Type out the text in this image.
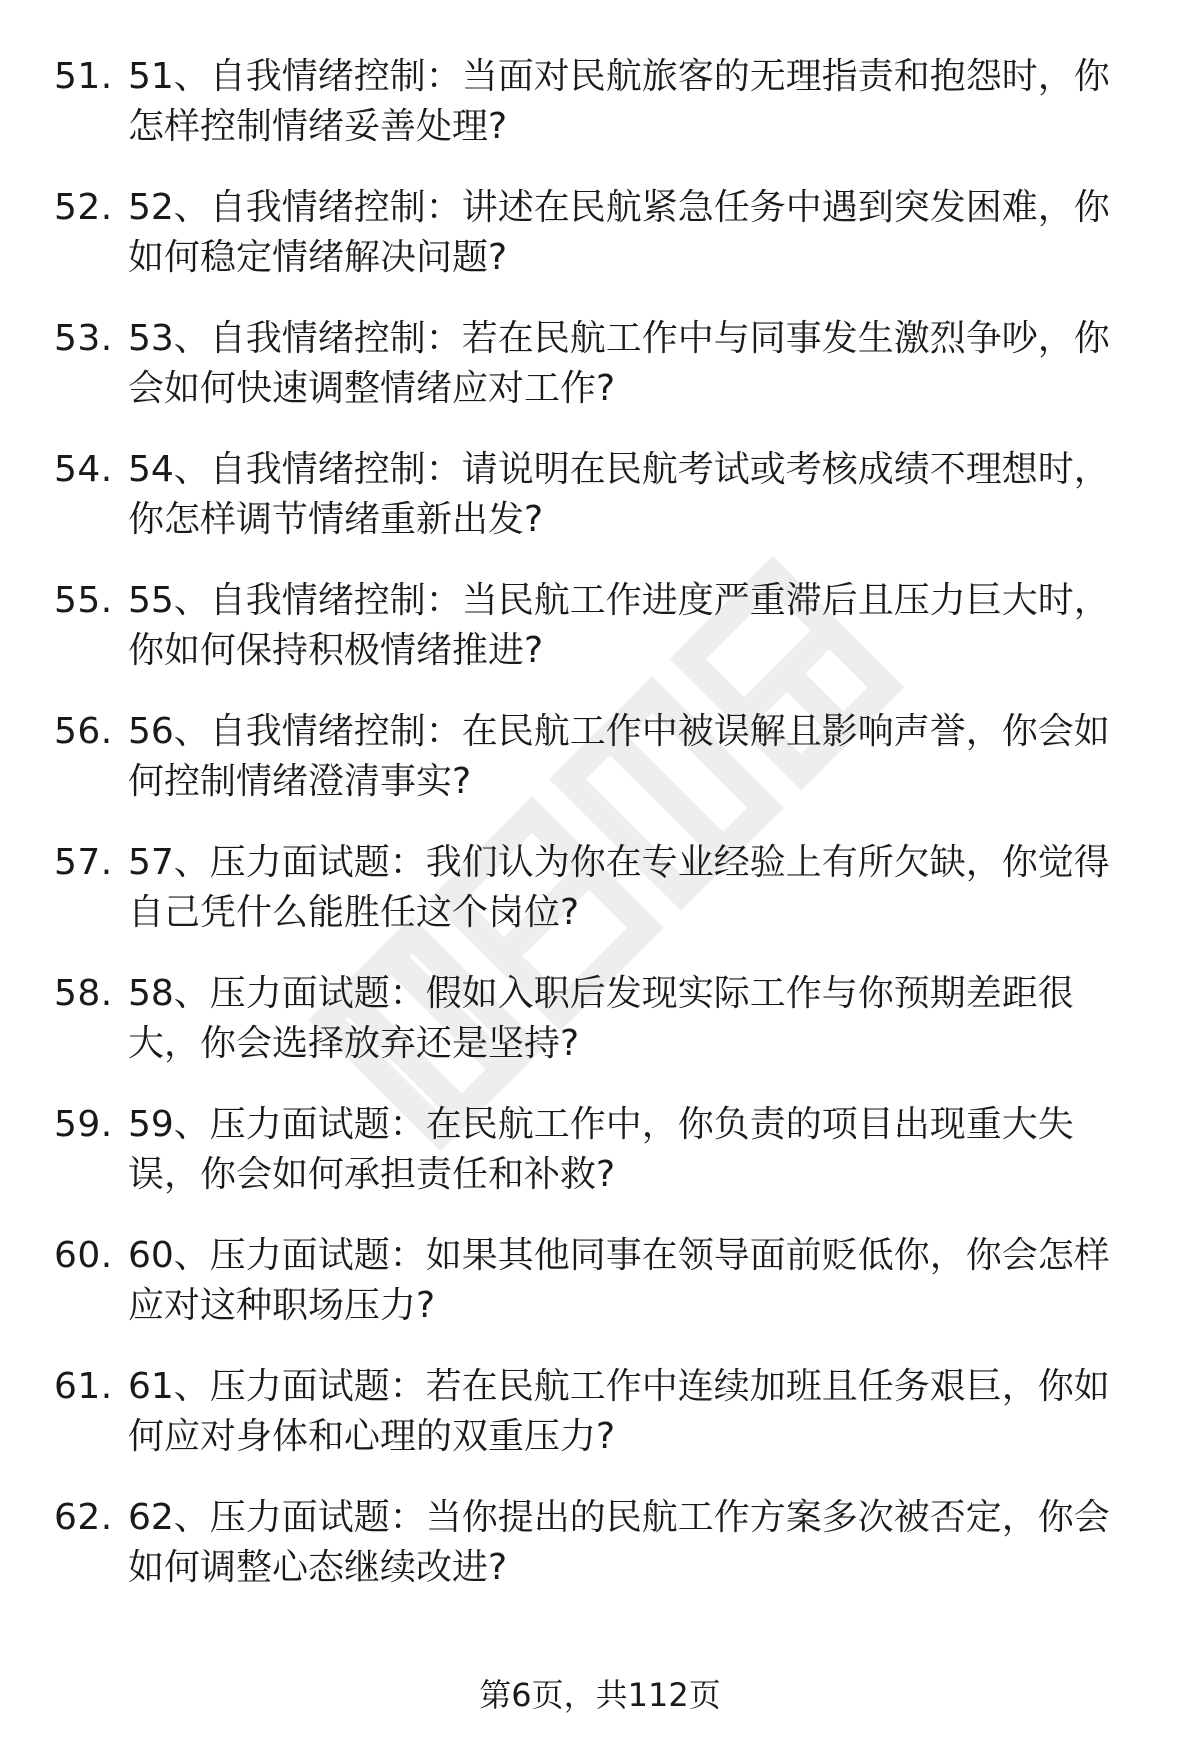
51. 51、自我情绪控制：当面对民航旅客的无理指责和抱怨时，你怎样控制情绪妥善处理?
52. 52、自我情绪控制：讲述在民航紧急任务中遇到突发困难，你如何稳定情绪解决问题?
53. 53、自我情绪控制：若在民航工作中与同事发生激烈争吵，你会如何快速调整情绪应对工作?
54. 54、自我情绪控制：请说明在民航考试或考核成绩不理想时，你怎样调节情绪重新出发?
55. 55、自我情绪控制：当民航工作进度严重滞后且压力巨大时，你如何保持积极情绪推进?
56. 56、自我情绪控制：在民航工作中被误解且影响声誉，你会如何控制情绪澄清事实?
57. 57、压力面试题：我们认为你在专业经验上有所欠缺，你觉得自己凭什么能胜任这个岗位?
58. 58、压力面试题：假如入职后发现实际工作与你预期差距很大，你会选择放弃还是坚持?
59. 59、压力面试题：在民航工作中，你负责的项目出现重大失误，你会如何承担责任和补救?
60. 60、压力面试题：如果其他同事在领导面前贬低你，你会怎样应对这种职场压力?
61. 61、压力面试题：若在民航工作中连续加班且任务艰巨，你如何应对身体和心理的双重压力?
62. 62、压力面试题：当你提出的民航工作方案多次被否定，你会如何调整心态继续改进?
第6页，共112页
